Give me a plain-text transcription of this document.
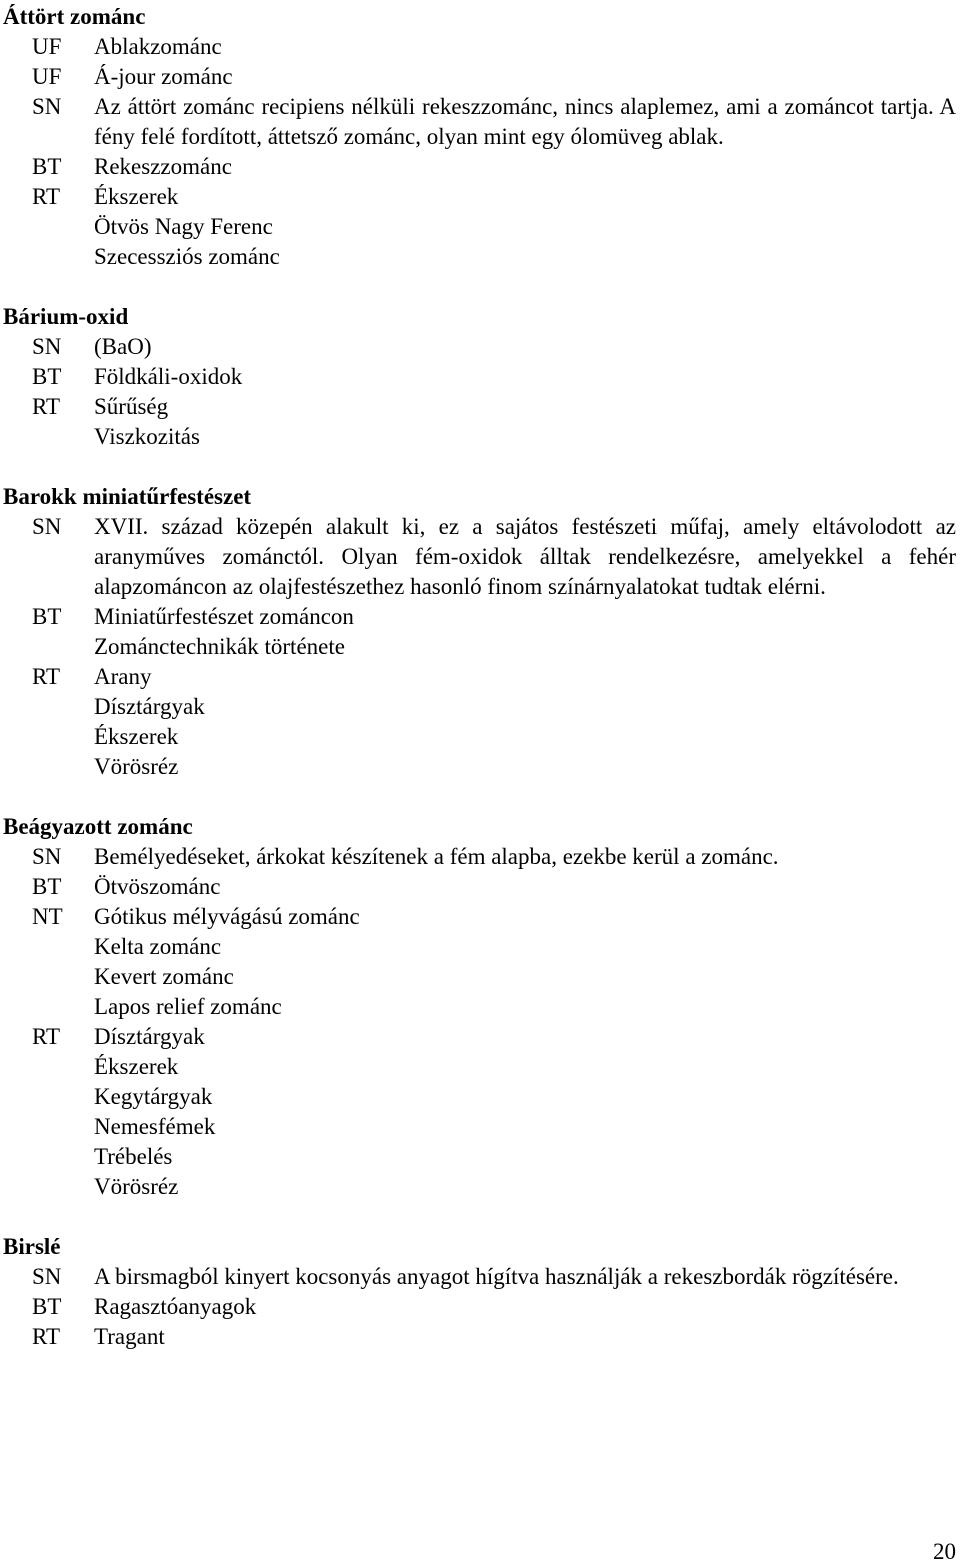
Áttört zománc
UF	Ablakzománc
UF	Á-jour zománc
SN	Az áttört zománc recipiens nélküli rekeszzománc, nincs alaplemez, ami a zománcot tartja. A fény felé fordított, áttetsző zománc, olyan mint egy ólomüveg ablak.
BT	Rekeszzománc
RT	Ékszerek
Ötvös Nagy Ferenc
Szecessziós zománc
Bárium-oxid
SN	(BaO)
BT	Földkáli-oxidok
RT	Sűrűség
Viszkozitás
Barokk miniatűrfestészet
SN	XVII. század közepén alakult ki, ez a sajátos festészeti műfaj, amely eltávolodott az aranyműves zománctól. Olyan fém-oxidok álltak rendelkezésre, amelyekkel a fehér alapzománcon az olajfestészethez hasonló finom színárnyalatokat tudtak elérni.
BT	Miniatűrfestészet zománcon
Zománctechnikák története
RT	Arany
Dísztárgyak
Ékszerek
Vörösréz
Beágyazott zománc
SN	Bemélyedéseket, árkokat készítenek a fém alapba, ezekbe kerül a zománc.
BT	Ötvöszománc
NT	Gótikus mélyvágású zománc
Kelta zománc
Kevert zománc
Lapos relief zománc
RT	Dísztárgyak
Ékszerek
Kegytárgyak
Nemesfémek
Trébelés
Vörösréz
Birslé
SN	A birsmagból kinyert kocsonyás anyagot hígítva használják a rekeszbordák rögzítésére.
BT	Ragasztóanyagok
RT	Tragant
20
